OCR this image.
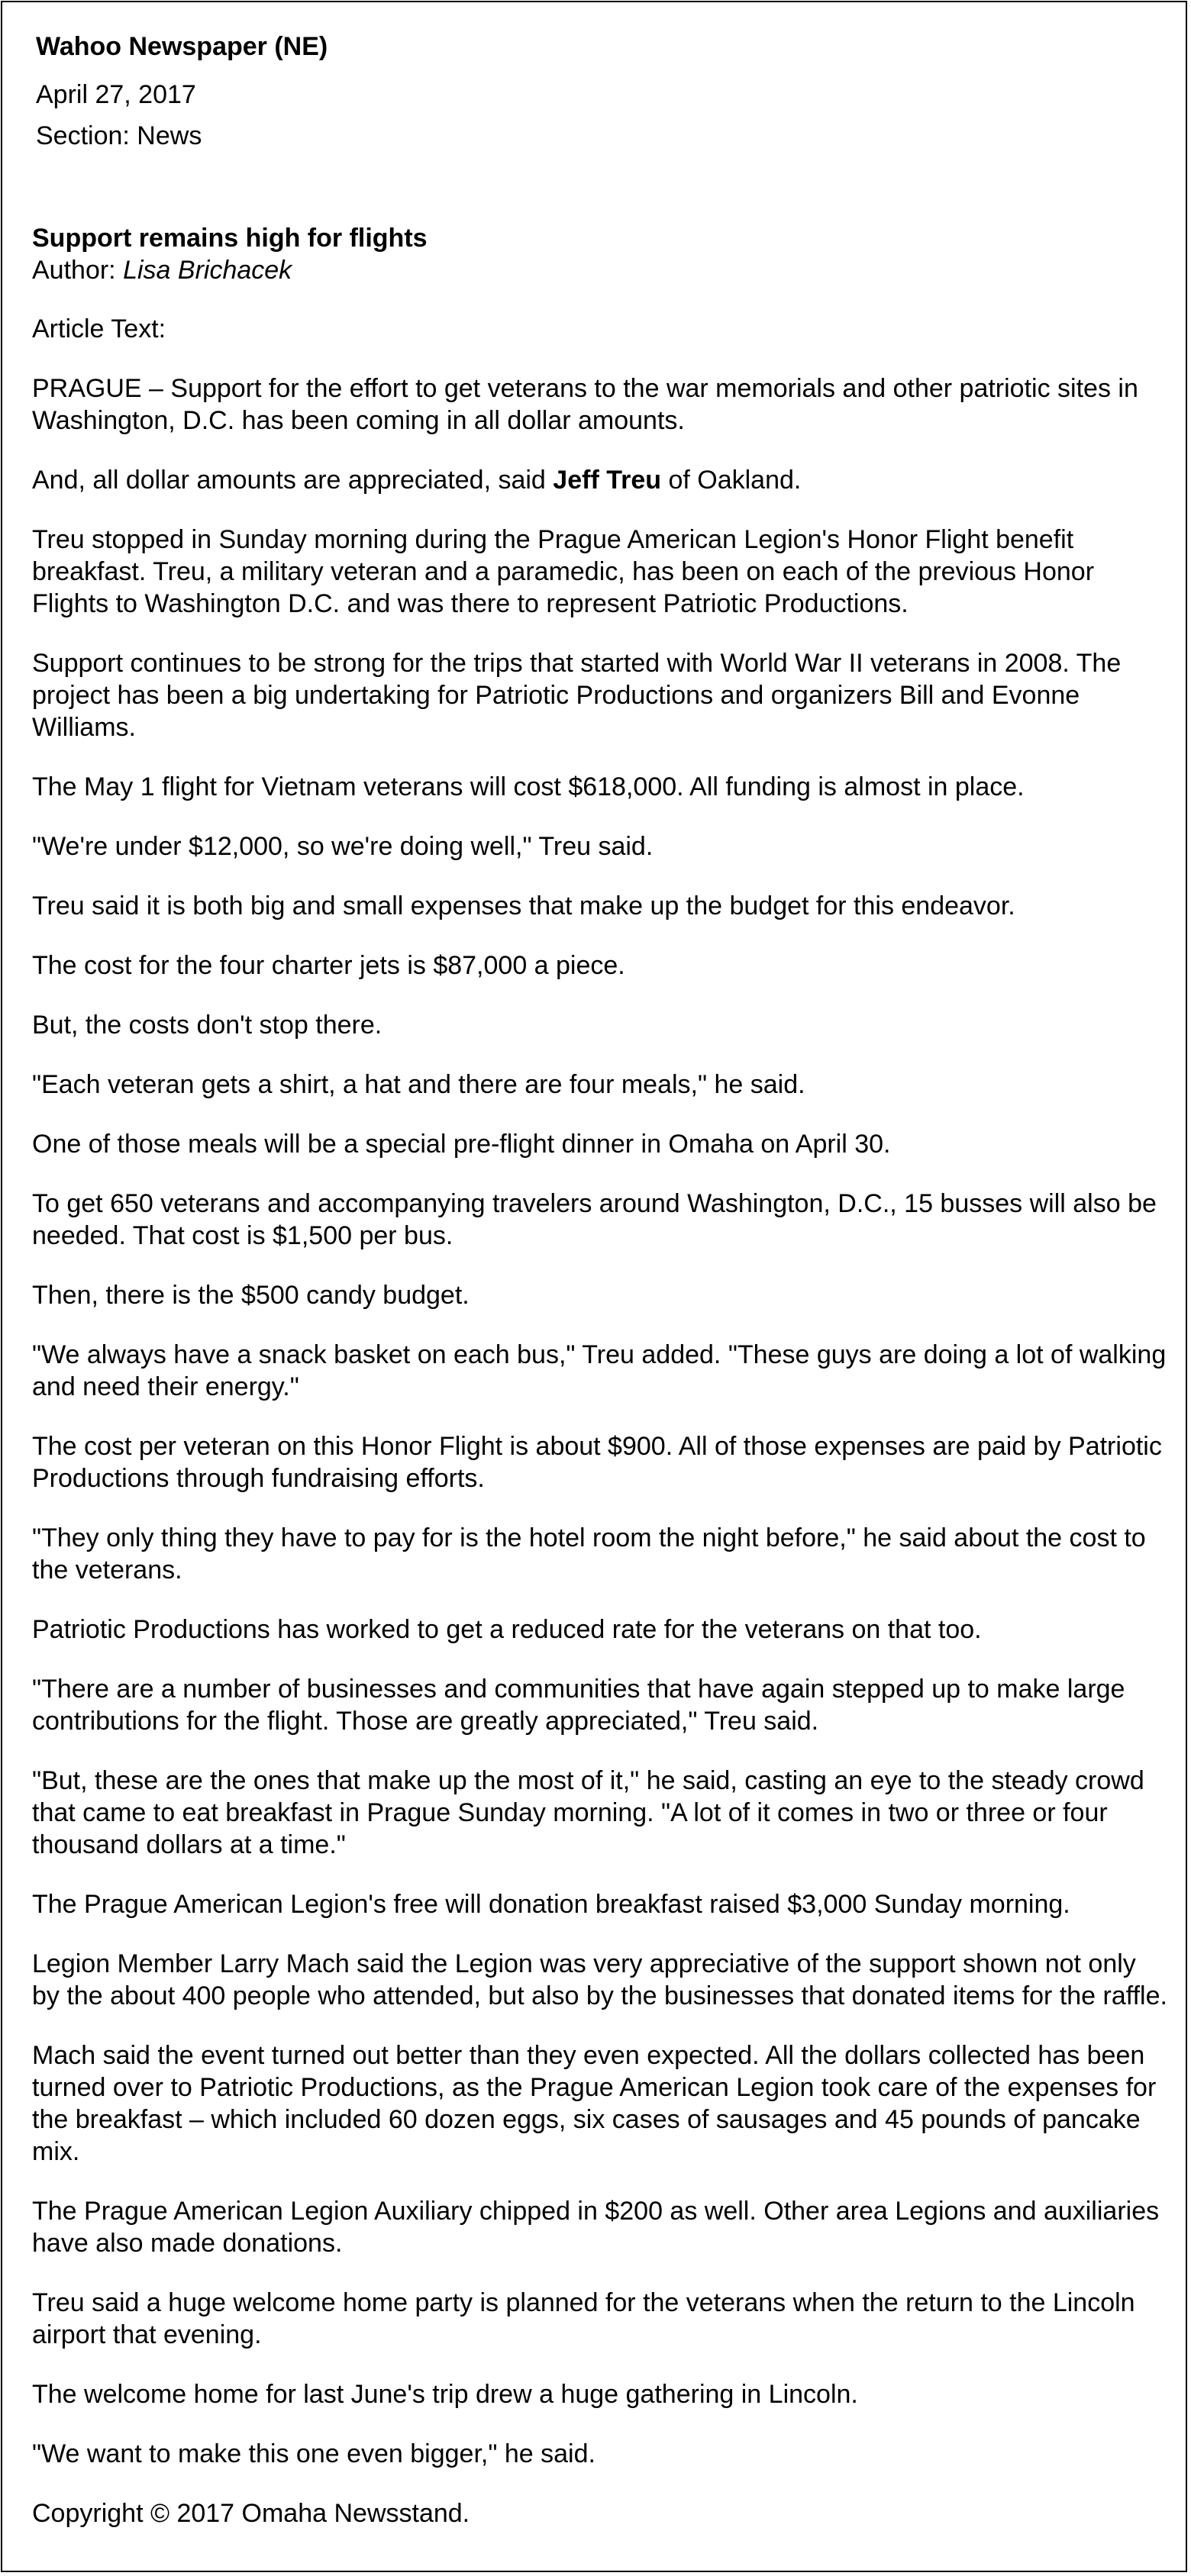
Wahoo Newspaper (NE)

April 27, 2017

Section: News

Support remains high for flights

Author: Lisa Brichacek

Article Text:

PRAGUE – Support for the effort to get veterans to the war memorials and other patriotic sites in Washington, D.C. has been coming in all dollar amounts.

And, all dollar amounts are appreciated, said Jeff Treu of Oakland.

Treu stopped in Sunday morning during the Prague American Legion's Honor Flight benefit breakfast. Treu, a military veteran and a paramedic, has been on each of the previous Honor Flights to Washington D.C. and was there to represent Patriotic Productions.

Support continues to be strong for the trips that started with World War II veterans in 2008. The project has been a big undertaking for Patriotic Productions and organizers Bill and Evonne Williams.

The May 1 flight for Vietnam veterans will cost $618,000. All funding is almost in place.

"We're under $12,000, so we're doing well," Treu said.

Treu said it is both big and small expenses that make up the budget for this endeavor.

The cost for the four charter jets is $87,000 a piece.

But, the costs don't stop there.

"Each veteran gets a shirt, a hat and there are four meals," he said.

One of those meals will be a special pre-flight dinner in Omaha on April 30.

To get 650 veterans and accompanying travelers around Washington, D.C., 15 busses will also be needed. That cost is $1,500 per bus.

Then, there is the $500 candy budget.

"We always have a snack basket on each bus," Treu added. "These guys are doing a lot of walking and need their energy."

The cost per veteran on this Honor Flight is about $900. All of those expenses are paid by Patriotic Productions through fundraising efforts.

"They only thing they have to pay for is the hotel room the night before," he said about the cost to the veterans.

Patriotic Productions has worked to get a reduced rate for the veterans on that too.

"There are a number of businesses and communities that have again stepped up to make large contributions for the flight. Those are greatly appreciated," Treu said.

"But, these are the ones that make up the most of it," he said, casting an eye to the steady crowd that came to eat breakfast in Prague Sunday morning. "A lot of it comes in two or three or four thousand dollars at a time."

The Prague American Legion's free will donation breakfast raised $3,000 Sunday morning.

Legion Member Larry Mach said the Legion was very appreciative of the support shown not only by the about 400 people who attended, but also by the businesses that donated items for the raffle.

Mach said the event turned out better than they even expected. All the dollars collected has been turned over to Patriotic Productions, as the Prague American Legion took care of the expenses for the breakfast – which included 60 dozen eggs, six cases of sausages and 45 pounds of pancake mix.

The Prague American Legion Auxiliary chipped in $200 as well. Other area Legions and auxiliaries have also made donations.

Treu said a huge welcome home party is planned for the veterans when the return to the Lincoln airport that evening.

The welcome home for last June's trip drew a huge gathering in Lincoln.

"We want to make this one even bigger," he said.

Copyright © 2017 Omaha Newsstand.
